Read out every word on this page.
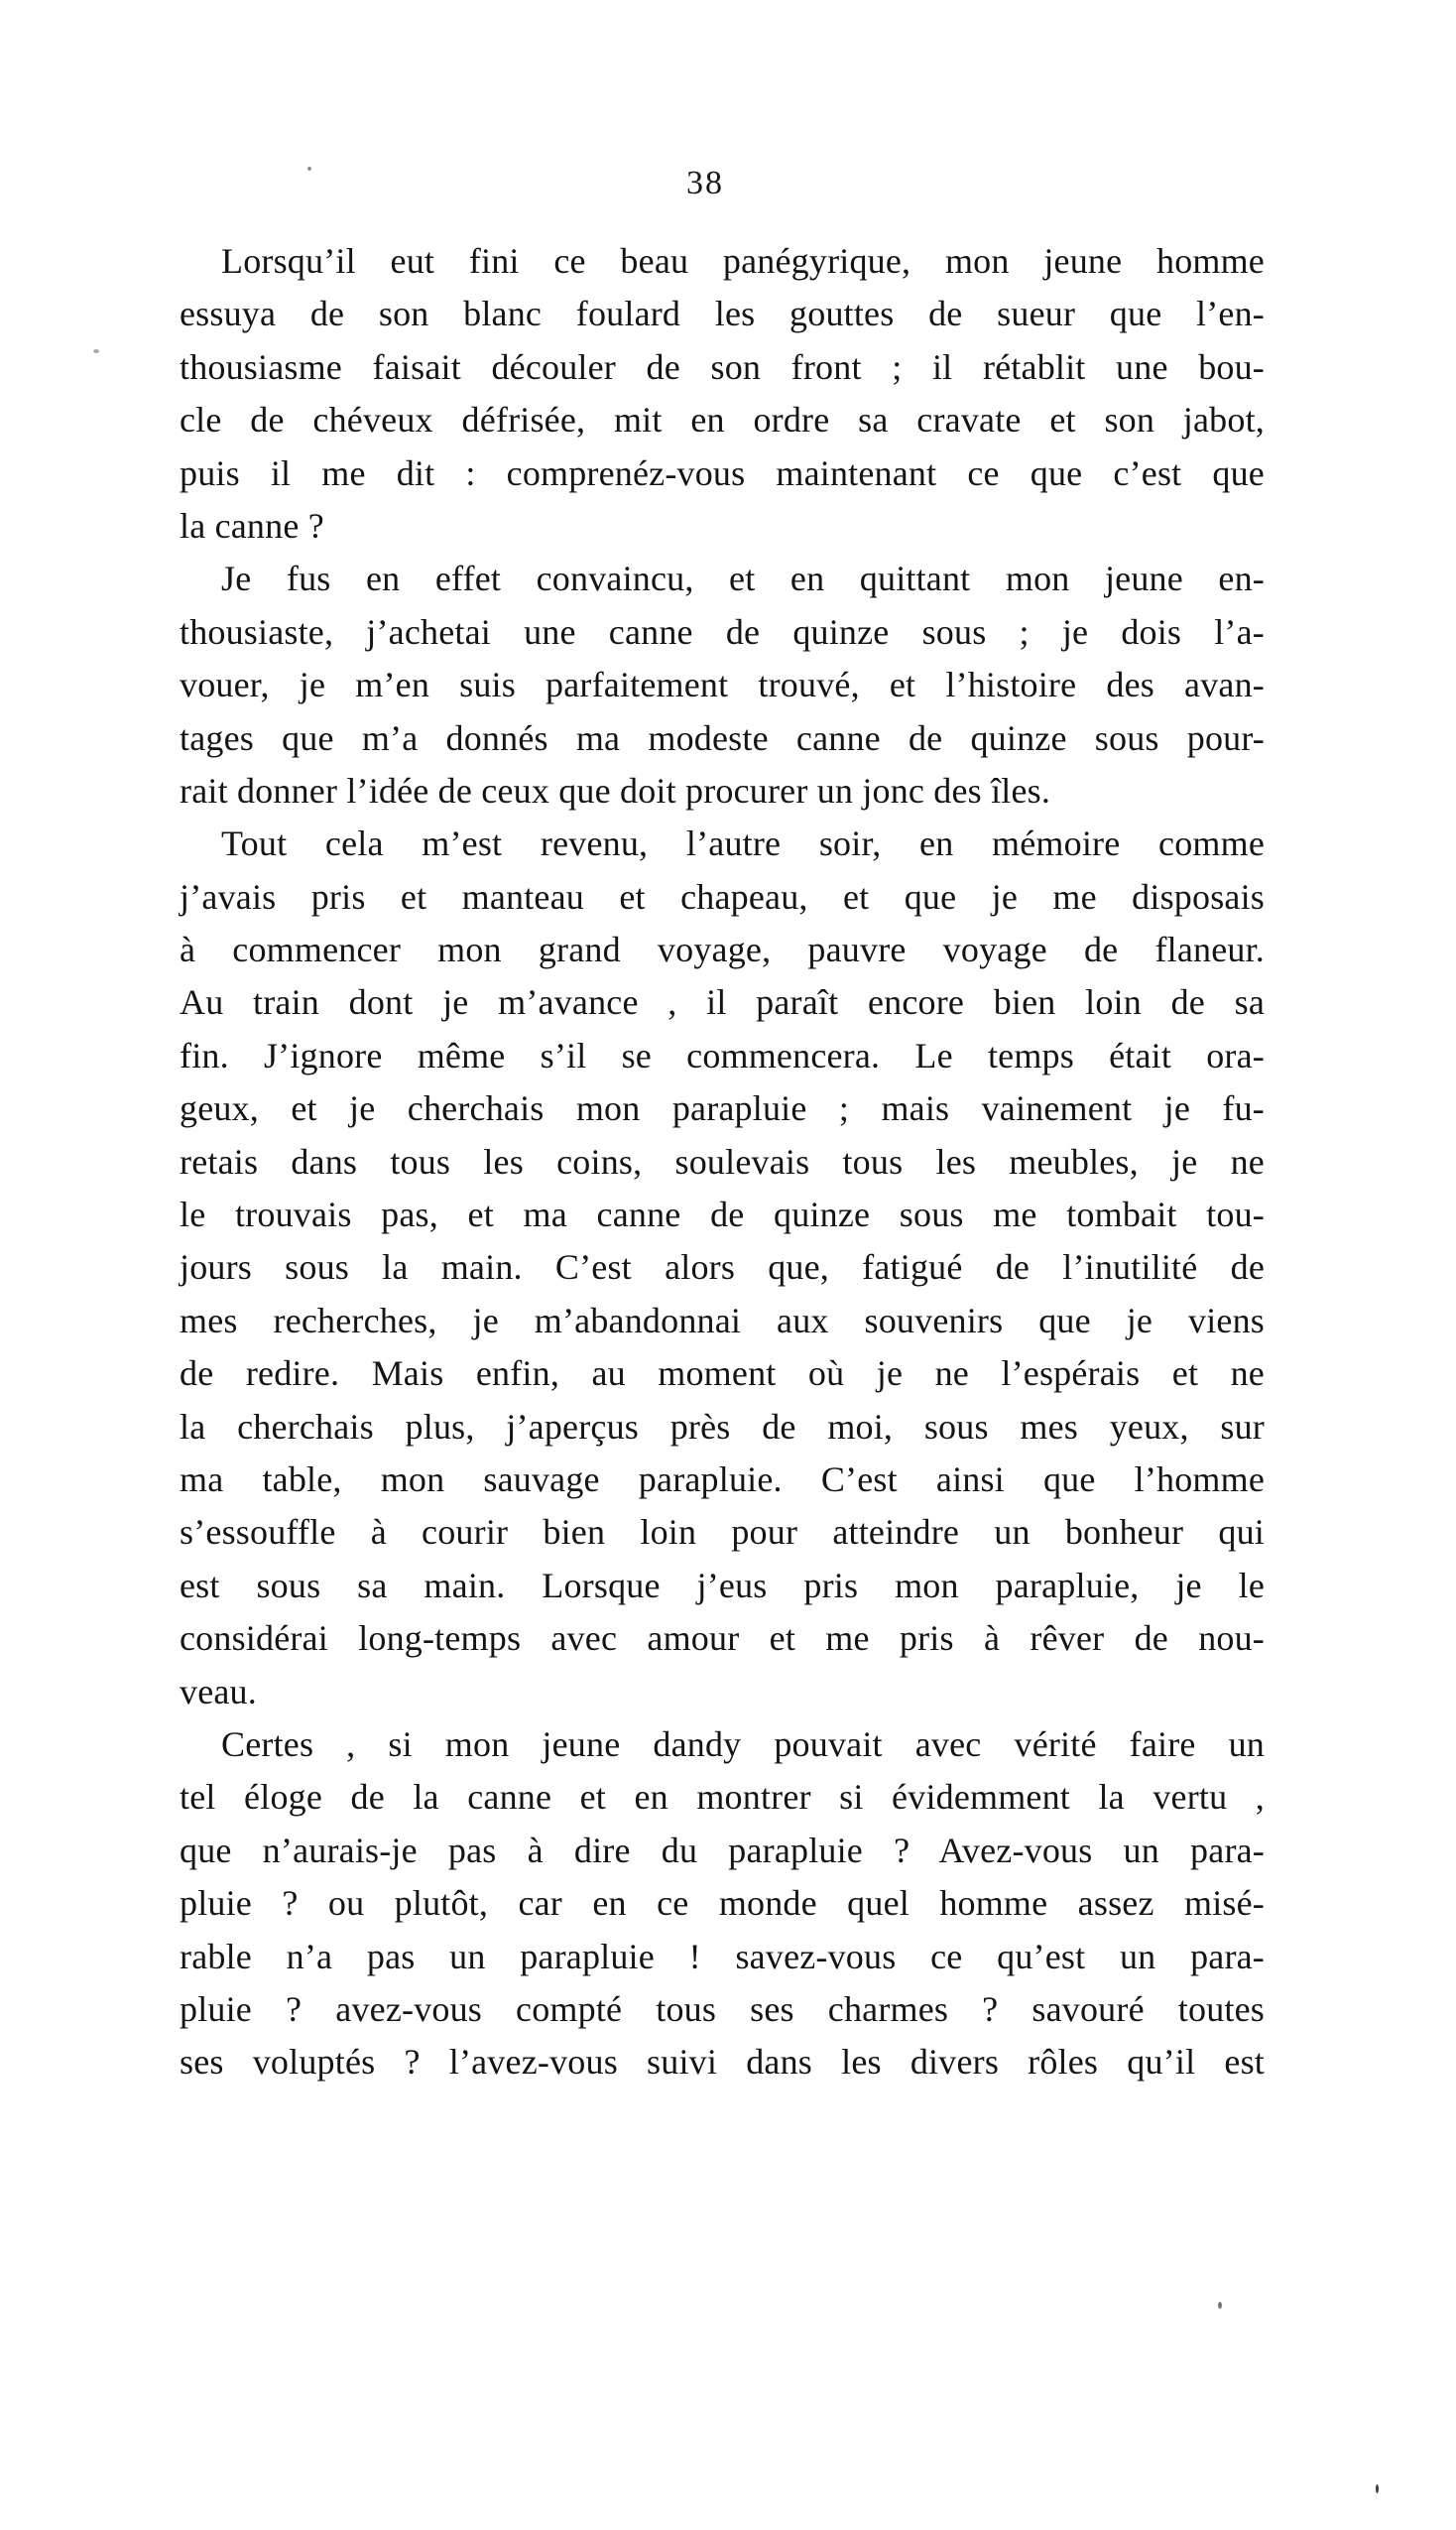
38
Lorsqu’il eut fini ce beau panégyrique, mon jeune homme
essuya de son blanc foulard les gouttes de sueur que l’en-
thousiasme faisait découler de son front ; il rétablit une bou-
cle de chéveux défrisée, mit en ordre sa cravate et son jabot,
puis il me dit : comprenéz-vous maintenant ce que c’est que
la canne ?
Je fus en effet convaincu, et en quittant mon jeune en-
thousiaste, j’achetai une canne de quinze sous ; je dois l’a-
vouer, je m’en suis parfaitement trouvé, et l’histoire des avan-
tages que m’a donnés ma modeste canne de quinze sous pour-
rait donner l’idée de ceux que doit procurer un jonc des îles.
Tout cela m’est revenu, l’autre soir, en mémoire comme
j’avais pris et manteau et chapeau, et que je me disposais
à commencer mon grand voyage, pauvre voyage de flaneur.
Au train dont je m’avance , il paraît encore bien loin de sa
fin. J’ignore même s’il se commencera. Le temps était ora-
geux, et je cherchais mon parapluie ; mais vainement je fu-
retais dans tous les coins, soulevais tous les meubles, je ne
le trouvais pas, et ma canne de quinze sous me tombait tou-
jours sous la main. C’est alors que, fatigué de l’inutilité de
mes recherches, je m’abandonnai aux souvenirs que je viens
de redire. Mais enfin, au moment où je ne l’espérais et ne
la cherchais plus, j’aperçus près de moi, sous mes yeux, sur
ma table, mon sauvage parapluie. C’est ainsi que l’homme
s’essouffle à courir bien loin pour atteindre un bonheur qui
est sous sa main. Lorsque j’eus pris mon parapluie, je le
considérai long-temps avec amour et me pris à rêver de nou-
veau.
Certes , si mon jeune dandy pouvait avec vérité faire un
tel éloge de la canne et en montrer si évidemment la vertu ,
que n’aurais-je pas à dire du parapluie ? Avez-vous un para-
pluie ? ou plutôt, car en ce monde quel homme assez misé-
rable n’a pas un parapluie ! savez-vous ce qu’est un para-
pluie ? avez-vous compté tous ses charmes ? savouré toutes
ses voluptés ? l’avez-vous suivi dans les divers rôles qu’il est
